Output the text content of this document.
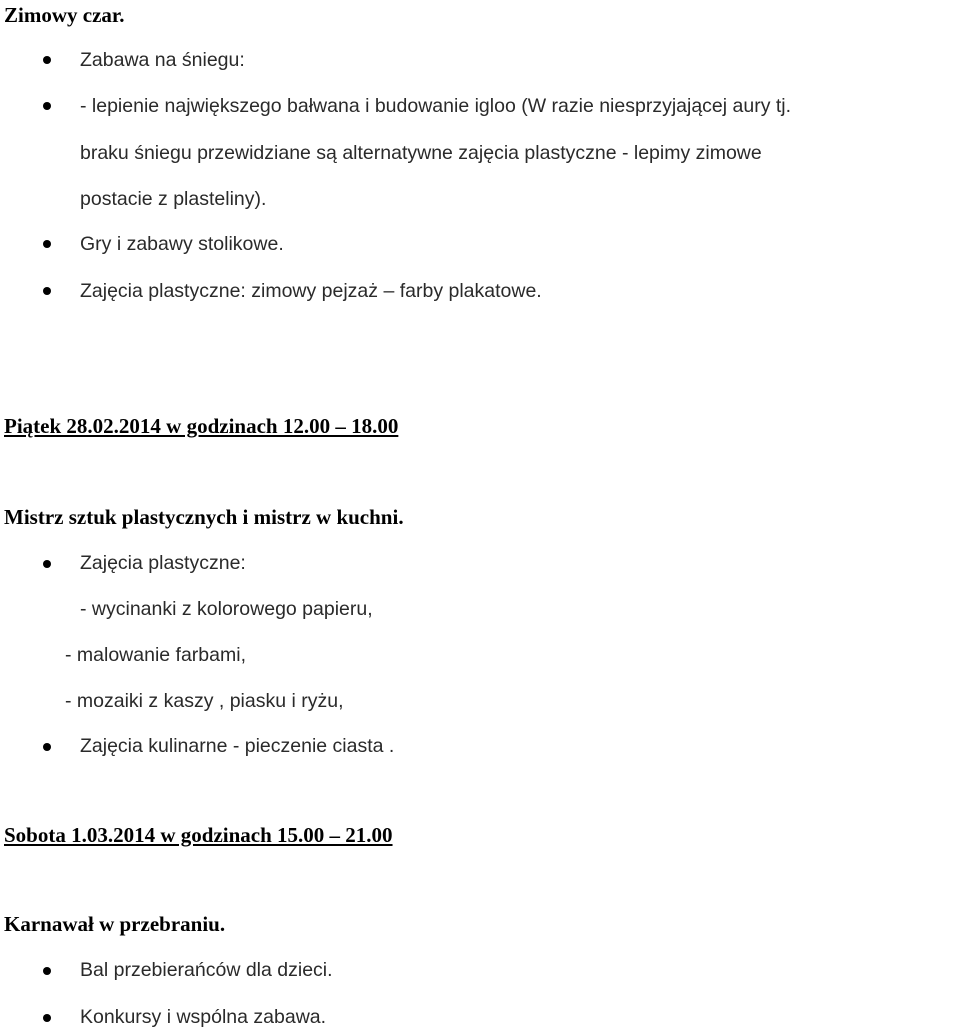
Zimowy czar.
Zabawa na śniegu:
- lepienie największego bałwana i budowanie igloo (W razie niesprzyjającej aury tj.
braku śniegu przewidziane są alternatywne zajęcia plastyczne - lepimy zimowe
postacie z plasteliny).
Gry i zabawy stolikowe.
Zajęcia plastyczne: zimowy pejzaż – farby plakatowe.
Piątek 28.02.2014 w godzinach 12.00 – 18.00
Mistrz sztuk plastycznych i mistrz w kuchni.
Zajęcia plastyczne:
- wycinanki z kolorowego papieru,
- malowanie farbami,
- mozaiki z kaszy , piasku i ryżu,
Zajęcia kulinarne - pieczenie ciasta .
Sobota 1.03.2014 w godzinach 15.00 – 21.00
Karnawał w przebraniu.
Bal przebierańców dla dzieci.
Konkursy i wspólna zabawa.
